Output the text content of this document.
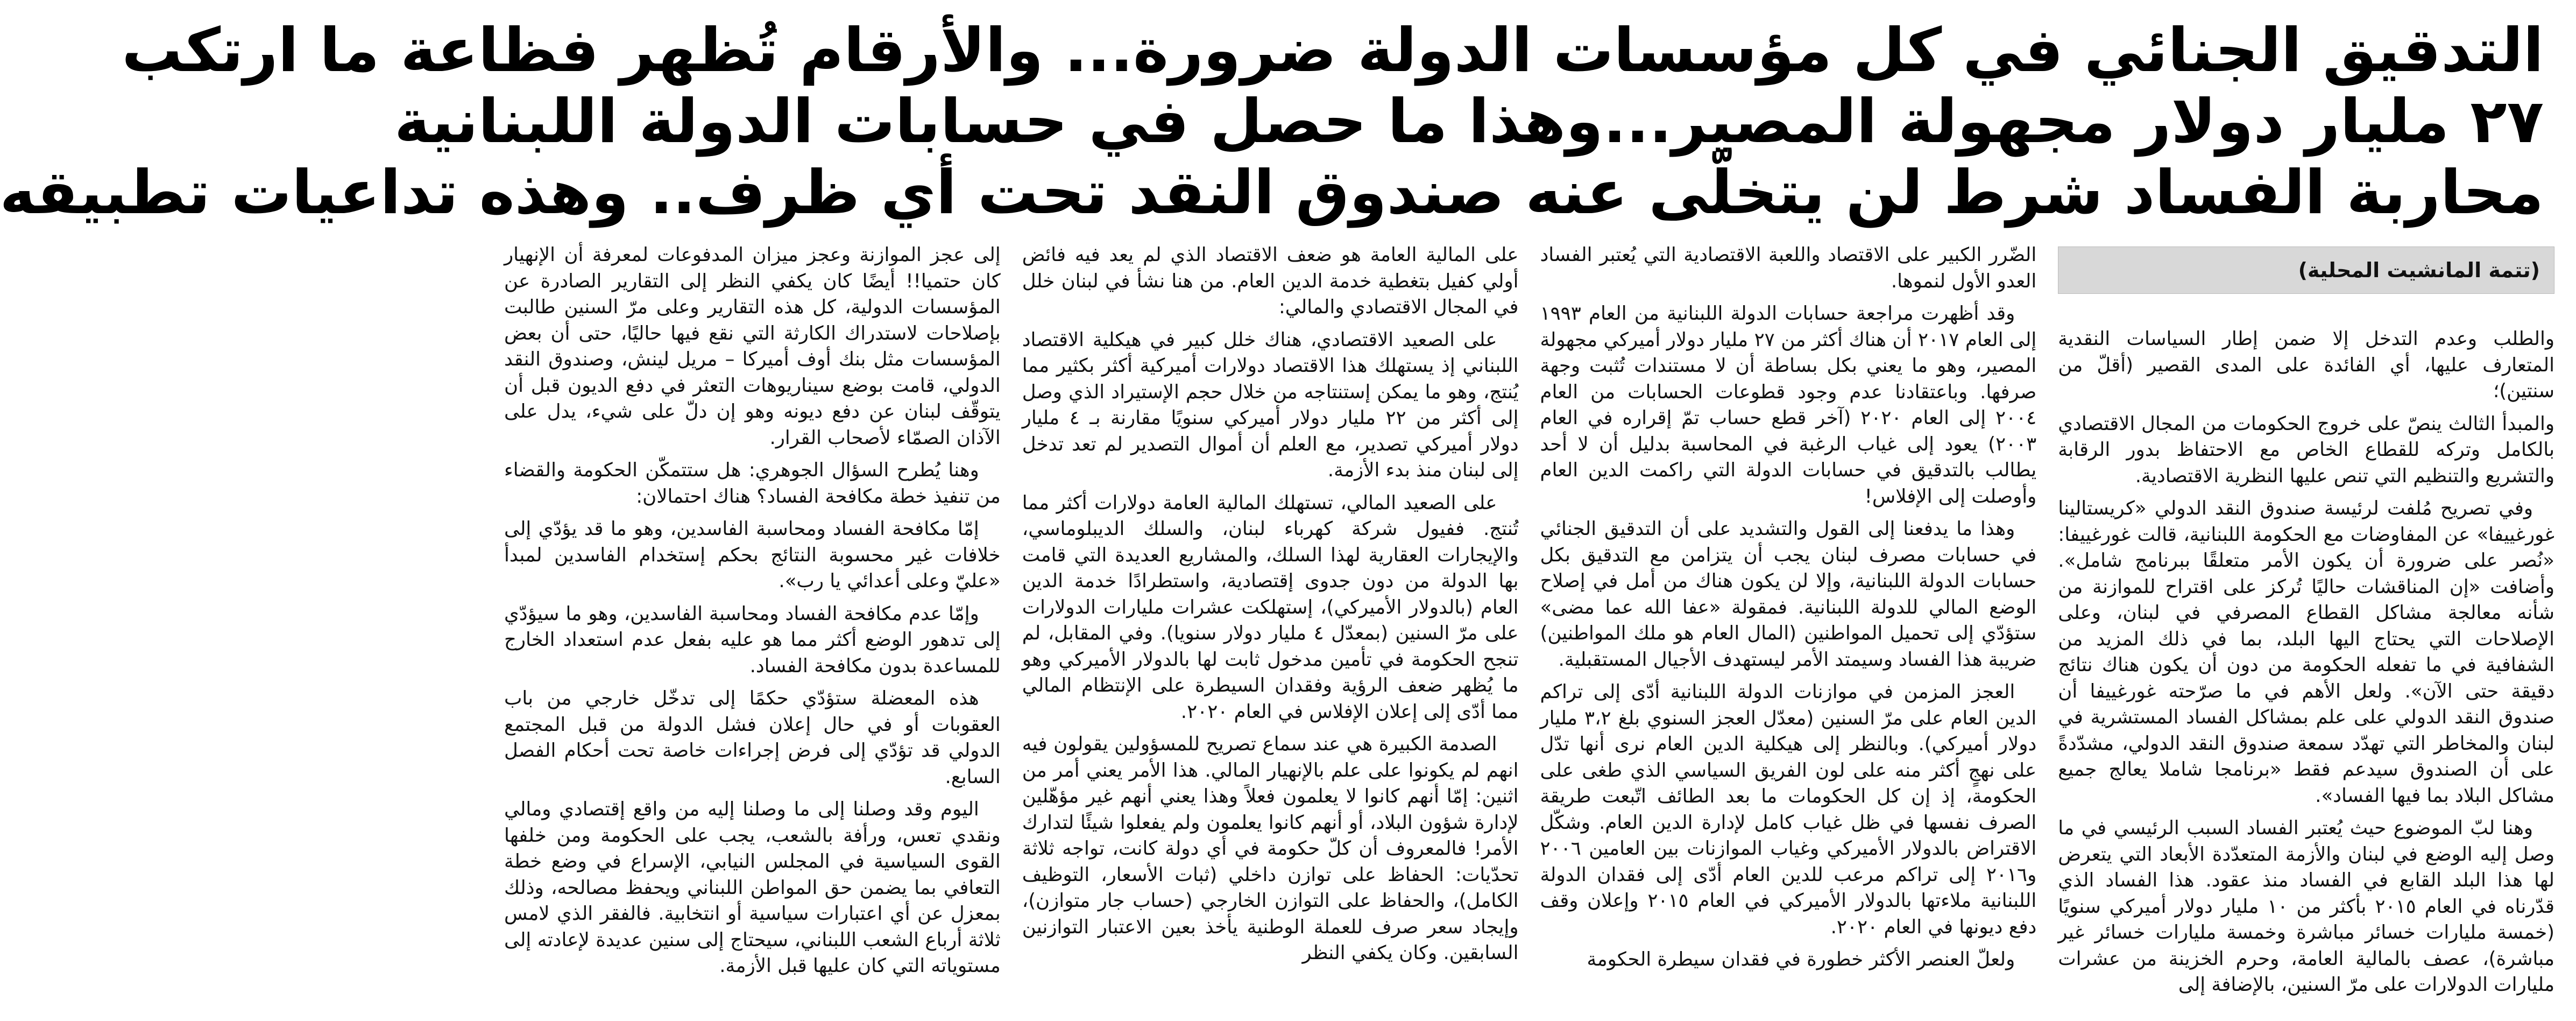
التدقيق الجنائي في كل مؤسسات الدولة ضرورة... والأرقام تُظهر فظاعة ما ارتكب
٢٧ مليار دولار مجهولة المصير...وهذا ما حصل في حسابات الدولة اللبنانية
محاربة الفساد شرط لن يتخلّى عنه صندوق النقد تحت أي ظرف.. وهذه تداعيات تطبيقه
(تتمة المانشيت المحلية)

والطلب وعدم التدخل إلا ضمن إطار السياسات النقدية المتعارف عليها، أي الفائدة على المدى القصير (أقلّ من سنتين)؛

والمبدأ الثالث ينصّ على خروج الحكومات من المجال الاقتصادي بالكامل وتركه للقطاع الخاص مع الاحتفاظ بدور الرقابة والتشريع والتنظيم التي تنص عليها النظرية الاقتصادية.

وفي تصريح مُلفت لرئيسة صندوق النقد الدولي «كريستالينا غورغييفا» عن المفاوضات مع الحكومة اللبنانية، قالت غورغييفا: «نُصر على ضرورة أن يكون الأمر متعلقًا ببرنامج شامل». وأضافت «إن المناقشات حاليًا تُركز على اقتراح للموازنة من شأنه معالجة مشاكل القطاع المصرفي في لبنان، وعلى الإصلاحات التي يحتاج اليها البلد، بما في ذلك المزيد من الشفافية في ما تفعله الحكومة من دون أن يكون هناك نتائج دقيقة حتى الآن». ولعل الأهم في ما صرّحته غورغييفا أن صندوق النقد الدولي على علم بمشاكل الفساد المستشرية في لبنان والمخاطر التي تهدّد سمعة صندوق النقد الدولي، مشدّدةً على أن الصندوق سيدعم فقط «برنامجا شاملا يعالج جميع مشاكل البلاد بما فيها الفساد».

وهنا لبّ الموضوع حيث يُعتبر الفساد السبب الرئيسي في ما وصل إليه الوضع في لبنان والأزمة المتعدّدة الأبعاد التي يتعرض لها هذا البلد القابع في الفساد منذ عقود. هذا الفساد الذي قدّرناه في العام ٢٠١٥ بأكثر من ١٠ مليار دولار أميركي سنويًا (خمسة مليارات خسائر مباشرة وخمسة مليارات خسائر غير مباشرة)، عصف بالمالية العامة، وحرم الخزينة من عشرات مليارات الدولارات على مرّ السنين، بالإضافة إلى

الضّرر الكبير على الاقتصاد واللعبة الاقتصادية التي يُعتبر الفساد العدو الأول لنموها.

وقد أظهرت مراجعة حسابات الدولة اللبنانية من العام ١٩٩٣ إلى العام ٢٠١٧ أن هناك أكثر من ٢٧ مليار دولار أميركي مجهولة المصير، وهو ما يعني بكل بساطة أن لا مستندات تُثبت وجهة صرفها. وباعتقادنا عدم وجود قطوعات الحسابات من العام ٢٠٠٤ إلى العام ٢٠٢٠ (آخر قطع حساب تمّ إقراره في العام ٢٠٠٣) يعود إلى غياب الرغبة في المحاسبة بدليل أن لا أحد يطالب بالتدقيق في حسابات الدولة التي راكمت الدين العام وأوصلت إلى الإفلاس!

وهذا ما يدفعنا إلى القول والتشديد على أن التدقيق الجنائي في حسابات مصرف لبنان يجب أن يتزامن مع التدقيق بكل حسابات الدولة اللبنانية، وإلا لن يكون هناك من أمل في إصلاح الوضع المالي للدولة اللبنانية. فمقولة «عفا الله عما مضى» ستؤدّي إلى تحميل المواطنين (المال العام هو ملك المواطنين) ضريبة هذا الفساد وسيمتد الأمر ليستهدف الأجيال المستقبلية.

العجز المزمن في موازنات الدولة اللبنانية أدّى إلى تراكم الدين العام على مرّ السنين (معدّل العجز السنوي بلغ ٣،٢ مليار دولار أميركي). وبالنظر إلى هيكلية الدين العام نرى أنها تدّل على نهجٍ أكثر منه على لون الفريق السياسي الذي طغى على الحكومة، إذ إن كل الحكومات ما بعد الطائف اتّبعت طريقة الصرف نفسها في ظل غياب كامل لإدارة الدين العام. وشكّل الاقتراض بالدولار الأميركي وغياب الموازنات بين العامين ٢٠٠٦ و٢٠١٦ إلى تراكم مرعب للدين العام أدّى إلى فقدان الدولة اللبنانية ملاءتها بالدولار الأميركي في العام ٢٠١٥ وإعلان وقف دفع ديونها في العام ٢٠٢٠.

ولعلّ العنصر الأكثر خطورة في فقدان سيطرة الحكومة

على المالية العامة هو ضعف الاقتصاد الذي لم يعد فيه فائض أولي كفيل بتغطية خدمة الدين العام. من هنا نشأ في لبنان خلل في المجال الاقتصادي والمالي:

على الصعيد الاقتصادي، هناك خلل كبير في هيكلية الاقتصاد اللبناني إذ يستهلك هذا الاقتصاد دولارات أميركية أكثر بكثير مما يُنتج، وهو ما يمكن إستنتاجه من خلال حجم الإستيراد الذي وصل إلى أكثر من ٢٢ مليار دولار أميركي سنويًا مقارنة بـ ٤ مليار دولار أميركي تصدير، مع العلم أن أموال التصدير لم تعد تدخل إلى لبنان منذ بدء الأزمة.

على الصعيد المالي، تستهلك المالية العامة دولارات أكثر مما تُنتج. ففيول شركة كهرباء لبنان، والسلك الديبلوماسي، والإيجارات العقارية لهذا السلك، والمشاريع العديدة التي قامت بها الدولة من دون جدوى إقتصادية، واستطرادًا خدمة الدين العام (بالدولار الأميركي)، إستهلكت عشرات مليارات الدولارات على مرّ السنين (بمعدّل ٤ مليار دولار سنويا). وفي المقابل، لم تنجح الحكومة في تأمين مدخول ثابت لها بالدولار الأميركي وهو ما يُظهر ضعف الرؤية وفقدان السيطرة على الإنتظام المالي مما أدّى إلى إعلان الإفلاس في العام ٢٠٢٠.

الصدمة الكبيرة هي عند سماع تصريح للمسؤولين يقولون فيه انهم لم يكونوا على علم بالإنهيار المالي. هذا الأمر يعني أمر من اثنين: إمّا أنهم كانوا لا يعلمون فعلاً وهذا يعني أنهم غير مؤهّلين لإدارة شؤون البلاد، أو أنهم كانوا يعلمون ولم يفعلوا شيئًا لتدارك الأمر! فالمعروف أن كلّ حكومة في أي دولة كانت، تواجه ثلاثة تحدّيات: الحفاظ على توازن داخلي (ثبات الأسعار، التوظيف الكامل)، والحفاظ على التوازن الخارجي (حساب جار متوازن)، وإيجاد سعر صرف للعملة الوطنية يأخذ بعين الاعتبار التوازنين السابقين. وكان يكفي النظر

إلى عجز الموازنة وعجز ميزان المدفوعات لمعرفة أن الإنهيار كان حتميا!! أيضًا كان يكفي النظر إلى التقارير الصادرة عن المؤسسات الدولية، كل هذه التقارير وعلى مرّ السنين طالبت بإصلاحات لاستدراك الكارثة التي نقع فيها حاليًا، حتى أن بعض المؤسسات مثل بنك أوف أميركا – مريل لينش، وصندوق النقد الدولي، قامت بوضع سيناريوهات التعثر في دفع الديون قبل أن يتوقّف لبنان عن دفع ديونه وهو إن دلّ على شيء، يدل على الآذان الصمّاء لأصحاب القرار.

وهنا يُطرح السؤال الجوهري: هل ستتمكّن الحكومة والقضاء من تنفيذ خطة مكافحة الفساد؟ هناك احتمالان:

إمّا مكافحة الفساد ومحاسبة الفاسدين، وهو ما قد يؤدّي إلى خلافات غير محسوبة النتائج بحكم إستخدام الفاسدين لمبدأ «عليّ وعلى أعدائي يا رب».

وإمّا عدم مكافحة الفساد ومحاسبة الفاسدين، وهو ما سيؤدّي إلى تدهور الوضع أكثر مما هو عليه بفعل عدم استعداد الخارج للمساعدة بدون مكافحة الفساد.

هذه المعضلة ستؤدّي حكمًا إلى تدخّل خارجي من باب العقوبات أو في حال إعلان فشل الدولة من قبل المجتمع الدولي قد تؤدّي إلى فرض إجراءات خاصة تحت أحكام الفصل السابع.

اليوم وقد وصلنا إلى ما وصلنا إليه من واقع إقتصادي ومالي ونقدي تعس، ورأفة بالشعب، يجب على الحكومة ومن خلفها القوى السياسية في المجلس النيابي، الإسراع في وضع خطة التعافي بما يضمن حق المواطن اللبناني ويحفظ مصالحه، وذلك بمعزل عن أي اعتبارات سياسية أو انتخابية. فالفقر الذي لامس ثلاثة أرباع الشعب اللبناني، سيحتاج إلى سنين عديدة لإعادته إلى مستوياته التي كان عليها قبل الأزمة.
